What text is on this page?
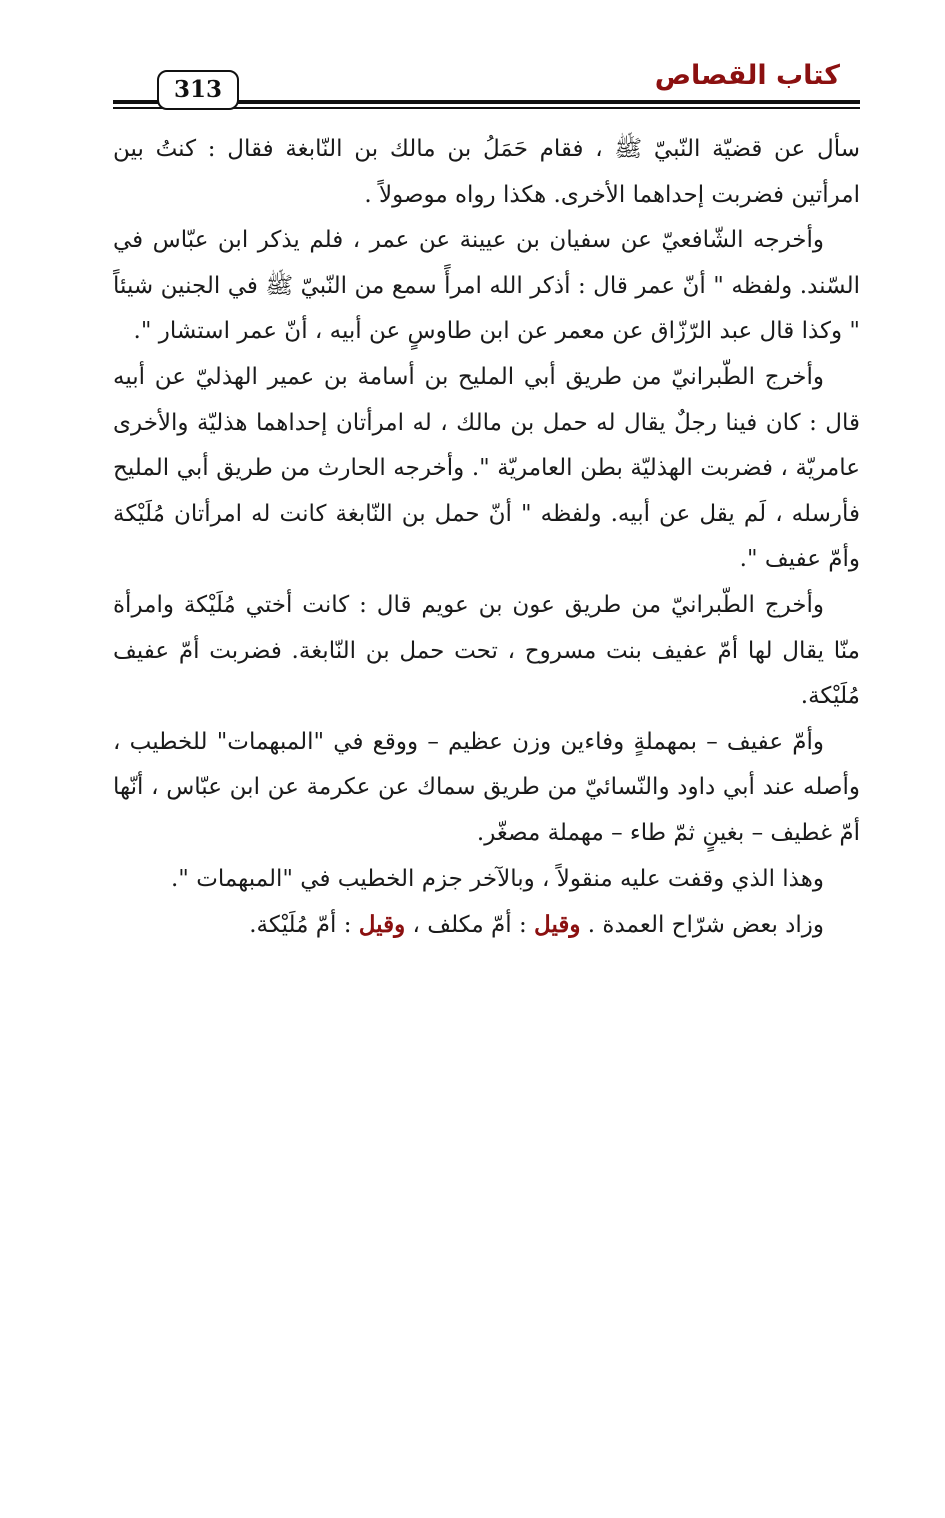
كتاب القصاص
313

سأل عن قضيّة النّبيّ ﷺ ، فقام حَمَلُ بن مالك بن النّابغة فقال : كنتُ بين امرأتين فضربت إحداهما الأخرى. هكذا رواه موصولاً .

وأخرجه الشّافعيّ عن سفيان بن عيينة عن عمر ، فلم يذكر ابن عبّاس في السّند. ولفظه " أنّ عمر قال : أذكر الله امرأً سمع من النّبيّ ﷺ في الجنين شيئاً " وكذا قال عبد الرّزّاق عن معمر عن ابن طاوسٍ عن أبيه ، أنّ عمر استشار ".

وأخرج الطّبرانيّ من طريق أبي المليح بن أسامة بن عمير الهذليّ عن أبيه قال : كان فينا رجلٌ يقال له حمل بن مالك ، له امرأتان إحداهما هذليّة والأخرى عامريّة ، فضربت الهذليّة بطن العامريّة ". وأخرجه الحارث من طريق أبي المليح فأرسله ، لَم يقل عن أبيه. ولفظه " أنّ حمل بن النّابغة كانت له امرأتان مُلَيْكة وأمّ عفيف ".

وأخرج الطّبرانيّ من طريق عون بن عويم قال : كانت أختي مُلَيْكة وامرأة منّا يقال لها أمّ عفيف بنت مسروح ، تحت حمل بن النّابغة. فضربت أمّ عفيف مُلَيْكة.

وأمّ عفيف – بمهملةٍ وفاءين وزن عظيم – ووقع في "المبهمات" للخطيب ، وأصله عند أبي داود والنّسائيّ من طريق سماك عن عكرمة عن ابن عبّاس ، أنّها أمّ غطيف – بغينٍ ثمّ طاء – مهملة مصغّر.

وهذا الذي وقفت عليه منقولاً ، وبالآخر جزم الخطيب في "المبهمات ".

وزاد بعض شرّاح العمدة . وقيل : أمّ مكلف ، وقيل : أمّ مُلَيْكة.
